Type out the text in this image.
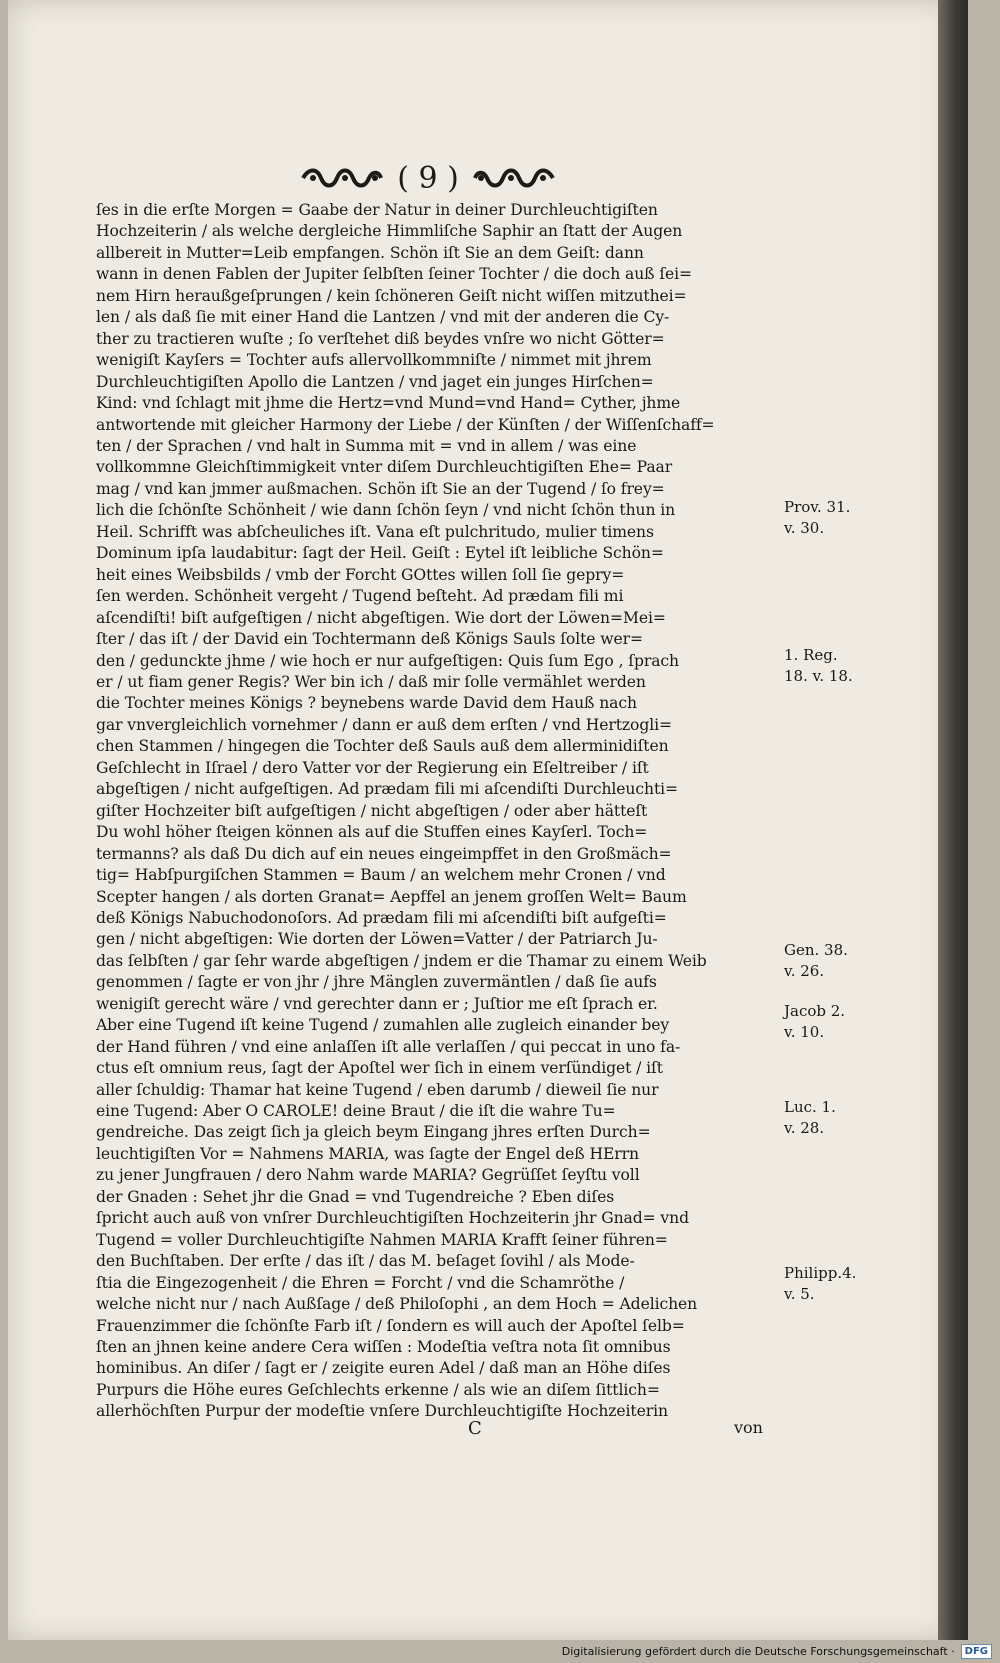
( 9 )
ſes in die erſte Morgen = Gaabe der Natur in deiner Durchleuchtigiſten
Hochzeiterin / als welche dergleiche Himmliſche Saphir an ſtatt der Augen
allbereit in Mutter=Leib empfangen. Schön iſt Sie an dem Geiſt: dann
wann in denen Fablen der Jupiter ſelbſten ſeiner Tochter / die doch auß ſei=
nem Hirn heraußgeſprungen / kein ſchöneren Geiſt nicht wiſſen mitzuthei=
len / als daß ſie mit einer Hand die Lantzen / vnd mit der anderen die Cy-
ther zu tractieren wuſte ; ſo verſtehet diß beydes vnſre wo nicht Götter=
wenigiſt Kayſers = Tochter aufs allervollkommniſte / nimmet mit jhrem
Durchleuchtigiſten Apollo die Lantzen / vnd jaget ein junges Hirſchen=
Kind: vnd ſchlagt mit jhme die Hertz=vnd Mund=vnd Hand= Cyther, jhme
antwortende mit gleicher Harmony der Liebe / der Künſten / der Wiſſenſchaff=
ten / der Sprachen / vnd halt in Summa mit = vnd in allem / was eine
vollkommne Gleichſtimmigkeit vnter diſem Durchleuchtigiſten Ehe= Paar
mag / vnd kan jmmer außmachen. Schön iſt Sie an der Tugend / ſo frey=
lich die ſchönſte Schönheit / wie dann ſchön ſeyn / vnd nicht ſchön thun in
Heil. Schrifft was abſcheuliches iſt. Vana eſt pulchritudo, mulier timens
Dominum ipſa laudabitur: ſagt der Heil. Geiſt : Eytel iſt leibliche Schön=
heit eines Weibsbilds / vmb der Forcht GOttes willen ſoll ſie gepry=
ſen werden. Schönheit vergeht / Tugend beſteht. Ad prædam fili mi
aſcendiſti! biſt aufgeſtigen / nicht abgeſtigen. Wie dort der Löwen=Mei=
ſter / das iſt / der David ein Tochtermann deß Königs Sauls ſolte wer=
den / gedunckte jhme / wie hoch er nur aufgeſtigen: Quis ſum Ego , ſprach
er / ut fiam gener Regis? Wer bin ich / daß mir ſolle vermählet werden
die Tochter meines Königs ? beynebens warde David dem Hauß nach
gar vnvergleichlich vornehmer / dann er auß dem erſten / vnd Hertzogli=
chen Stammen / hingegen die Tochter deß Sauls auß dem allerminidiſten
Geſchlecht in Iſrael / dero Vatter vor der Regierung ein Eſeltreiber / iſt
abgeſtigen / nicht aufgeſtigen. Ad prædam fili mi aſcendiſti Durchleuchti=
giſter Hochzeiter biſt aufgeſtigen / nicht abgeſtigen / oder aber hätteſt
Du wohl höher ſteigen können als auf die Stuffen eines Kayſerl. Toch=
termanns? als daß Du dich auf ein neues eingeimpffet in den Großmäch=
tig= Habſpurgiſchen Stammen = Baum / an welchem mehr Cronen / vnd
Scepter hangen / als dorten Granat= Aepffel an jenem groſſen Welt= Baum
deß Königs Nabuchodonoſors. Ad prædam fili mi aſcendiſti biſt aufgeſti=
gen / nicht abgeſtigen: Wie dorten der Löwen=Vatter / der Patriarch Ju-
das ſelbſten / gar ſehr warde abgeſtigen / jndem er die Thamar zu einem Weib
genommen / ſagte er von jhr / jhre Mänglen zuvermäntlen / daß ſie aufs
wenigiſt gerecht wäre / vnd gerechter dann er ; Juſtior me eſt ſprach er.
Aber eine Tugend iſt keine Tugend / zumahlen alle zugleich einander bey
der Hand führen / vnd eine anlaſſen iſt alle verlaſſen / qui peccat in uno fa-
ctus eſt omnium reus, ſagt der Apoſtel wer ſich in einem verſündiget / iſt
aller ſchuldig: Thamar hat keine Tugend / eben darumb / dieweil ſie nur
eine Tugend: Aber O CAROLE! deine Braut / die iſt die wahre Tu=
gendreiche. Das zeigt ſich ja gleich beym Eingang jhres erſten Durch=
leuchtigiſten Vor = Nahmens MARIA, was ſagte der Engel deß HErrn
zu jener Jungfrauen / dero Nahm warde MARIA? Gegrüſſet ſeyſtu voll
der Gnaden : Sehet jhr die Gnad = vnd Tugendreiche ? Eben diſes
ſpricht auch auß von vnſrer Durchleuchtigiſten Hochzeiterin jhr Gnad= vnd
Tugend = voller Durchleuchtigiſte Nahmen MARIA Krafft ſeiner führen=
den Buchſtaben. Der erſte / das iſt / das M. beſaget ſovihl / als Mode-
ſtia die Eingezogenheit / die Ehren = Forcht / vnd die Schamröthe /
welche nicht nur / nach Außſage / deß Philoſophi , an dem Hoch = Adelichen
Frauenzimmer die ſchönſte Farb iſt / ſondern es will auch der Apoſtel ſelb=
ſten an jhnen keine andere Cera wiſſen : Modeſtia veſtra nota ſit omnibus
hominibus. An diſer / ſagt er / zeigite euren Adel / daß man an Höhe diſes
Purpurs die Höhe eures Geſchlechts erkenne / als wie an diſem ſittlich=
allerhöchſten Purpur der modeſtie vnſere Durchleuchtigiſte Hochzeiterin
Prov. 31.
v. 30.
1. Reg.
18. v. 18.
Gen. 38.
v. 26.
Jacob 2.
v. 10.
Luc. 1.
v. 28.
Philipp.4.
v. 5.
C	von
Digitalisierung gefördert durch die Deutsche Forschungsgemeinschaft ·	DFG
